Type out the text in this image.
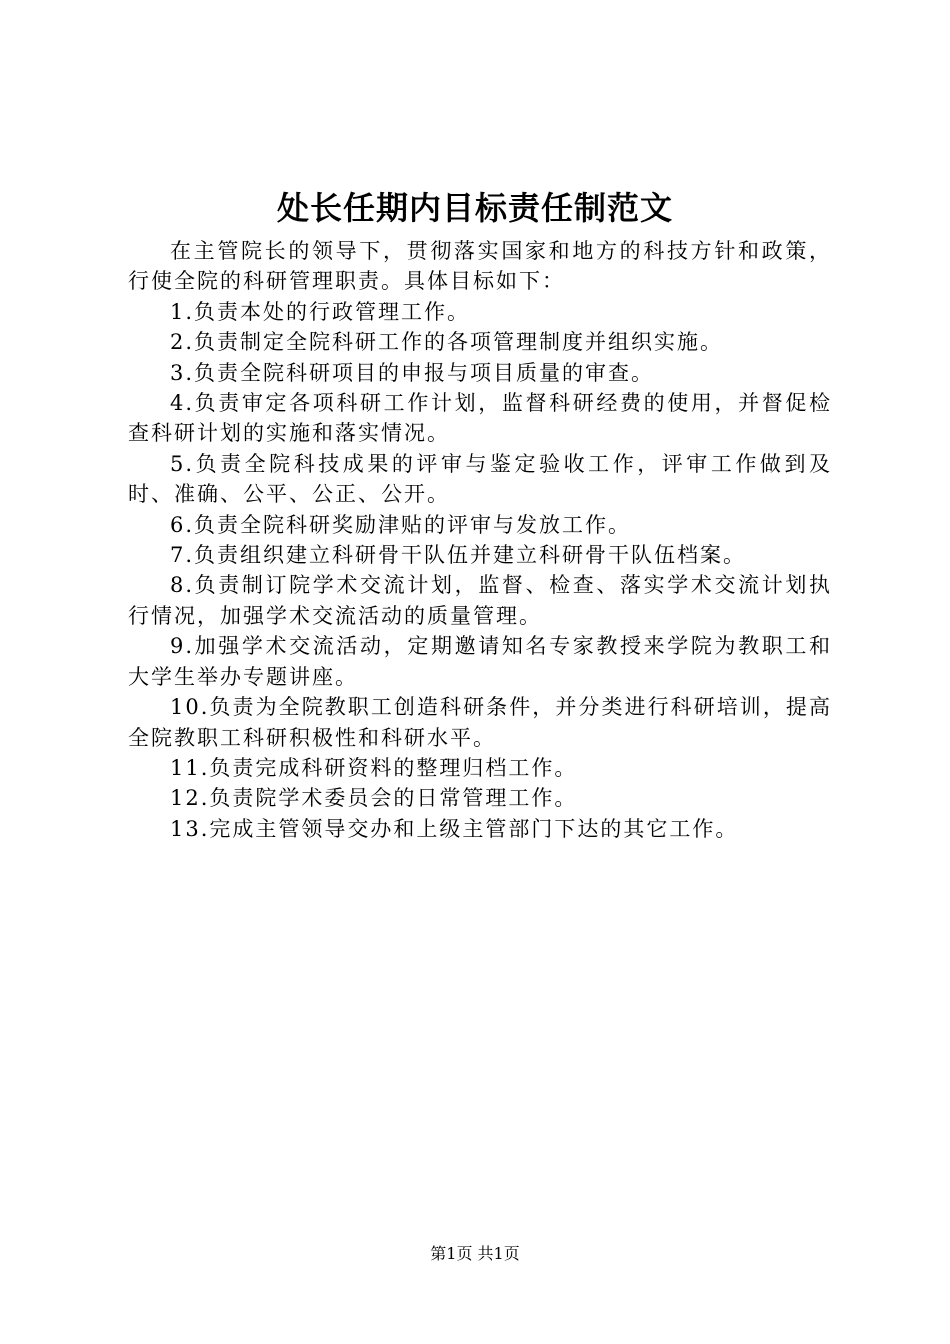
处长任期内目标责任制范文

在主管院长的领导下，贯彻落实国家和地方的科技方针和政策，行使全院的科研管理职责。具体目标如下：

1.负责本处的行政管理工作。

2.负责制定全院科研工作的各项管理制度并组织实施。

3.负责全院科研项目的申报与项目质量的审查。

4.负责审定各项科研工作计划，监督科研经费的使用，并督促检查科研计划的实施和落实情况。

5.负责全院科技成果的评审与鉴定验收工作，评审工作做到及时、准确、公平、公正、公开。

6.负责全院科研奖励津贴的评审与发放工作。

7.负责组织建立科研骨干队伍并建立科研骨干队伍档案。

8.负责制订院学术交流计划，监督、检查、落实学术交流计划执行情况，加强学术交流活动的质量管理。

9.加强学术交流活动，定期邀请知名专家教授来学院为教职工和大学生举办专题讲座。

10.负责为全院教职工创造科研条件，并分类进行科研培训，提高全院教职工科研积极性和科研水平。

11.负责完成科研资料的整理归档工作。

12.负责院学术委员会的日常管理工作。

13.完成主管领导交办和上级主管部门下达的其它工作。

第1页 共1页
